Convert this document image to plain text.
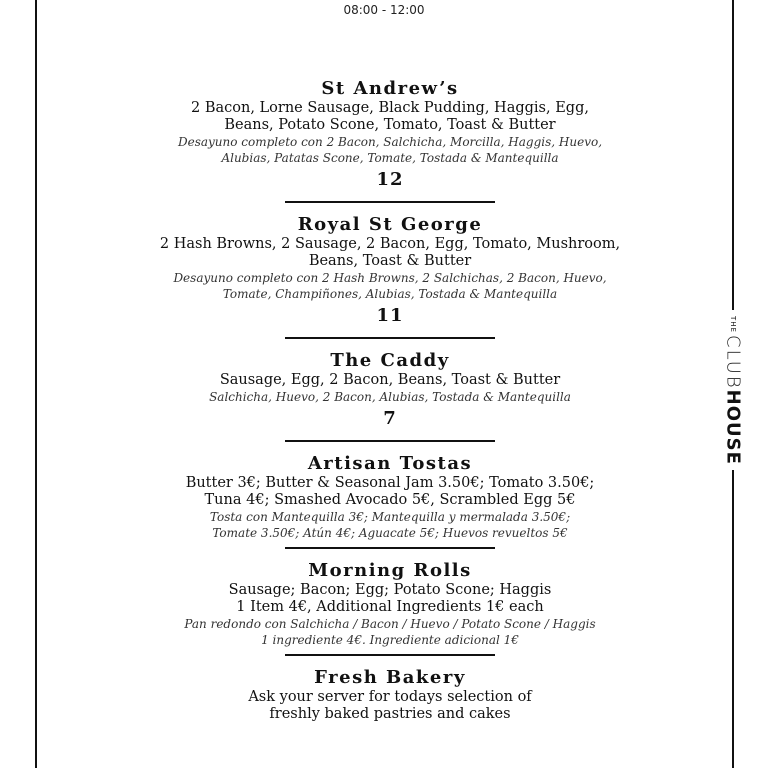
08:00 - 12:00
THE
CLUBHOUSE
St Andrew’s
2 Bacon, Lorne Sausage, Black Pudding, Haggis, Egg,
Beans, Potato Scone, Tomato, Toast & Butter
Desayuno completo con 2 Bacon, Salchicha, Morcilla, Haggis, Huevo,
Alubias, Patatas Scone, Tomate, Tostada & Mantequilla
12
Royal St George
2 Hash Browns, 2 Sausage, 2 Bacon, Egg, Tomato, Mushroom,
Beans, Toast & Butter
Desayuno completo con 2 Hash Browns, 2 Salchichas, 2 Bacon, Huevo,
Tomate, Champiñones, Alubias, Tostada & Mantequilla
11
The Caddy
Sausage, Egg, 2 Bacon, Beans, Toast & Butter
Salchicha, Huevo, 2 Bacon, Alubias, Tostada & Mantequilla
7
Artisan Tostas
Butter 3€; Butter & Seasonal Jam 3.50€; Tomato 3.50€;
Tuna 4€; Smashed Avocado 5€, Scrambled Egg 5€
Tosta con Mantequilla 3€; Mantequilla y mermalada 3.50€;
Tomate 3.50€; Atún 4€; Aguacate 5€; Huevos revueltos 5€
Morning Rolls
Sausage; Bacon; Egg; Potato Scone; Haggis
1 Item 4€, Additional Ingredients 1€ each
Pan redondo con Salchicha / Bacon / Huevo / Potato Scone / Haggis
1 ingrediente 4€. Ingrediente adicional 1€
Fresh Bakery
Ask your server for todays selection of
freshly baked pastries and cakes
